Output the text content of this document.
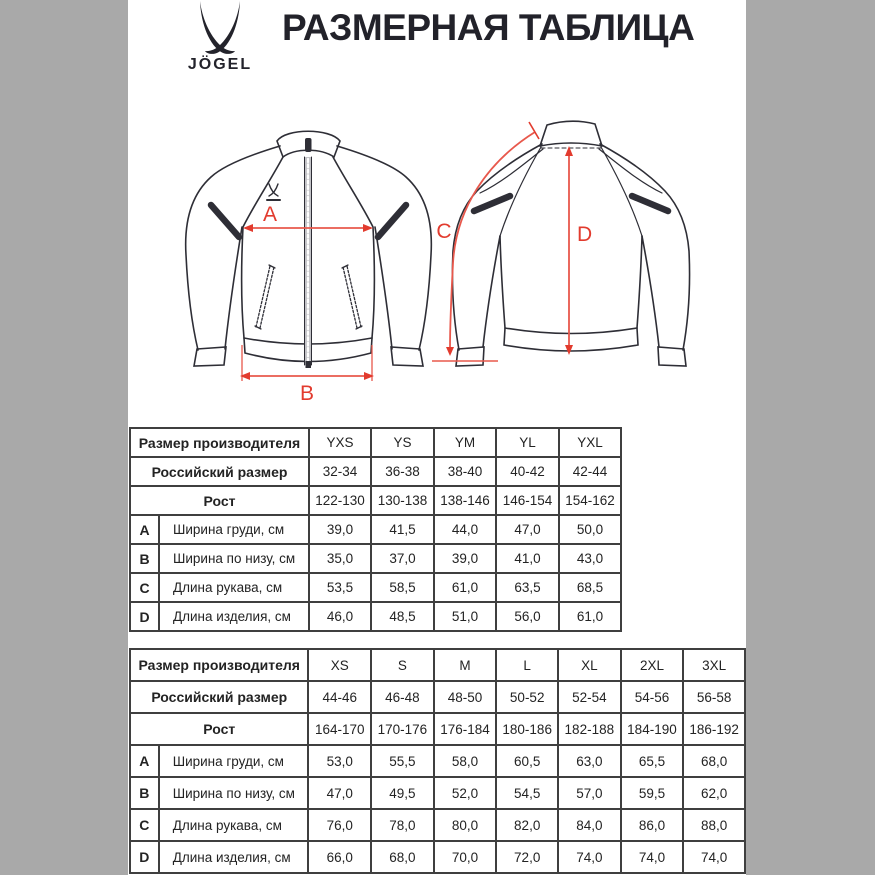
JÖGEL
РАЗМЕРНАЯ ТАБЛИЦА
A
B
C	D
Размер производителя		YXS	YS	YM	YL	YXL
Российский размер		32-34	36-38	38-40	40-42	42-44
Рост		122-130	130-138	138-146	146-154	154-162
A	Ширина груди, см	39,0	41,5	44,0	47,0	50,0
B	Ширина по низу, см	35,0	37,0	39,0	41,0	43,0
C	Длина рукава, см	53,5	58,5	61,0	63,5	68,5
D	Длина изделия, см	46,0	48,5	51,0	56,0	61,0
Размер производителя		XS	S	M	L	XL	2XL	3XL
Российский размер		44-46	46-48	48-50	50-52	52-54	54-56	56-58
Рост		164-170	170-176	176-184	180-186	182-188	184-190	186-192
A	Ширина груди, см	53,0	55,5	58,0	60,5	63,0	65,5	68,0
B	Ширина по низу, см	47,0	49,5	52,0	54,5	57,0	59,5	62,0
C	Длина рукава, см	76,0	78,0	80,0	82,0	84,0	86,0	88,0
D	Длина изделия, см	66,0	68,0	70,0	72,0	74,0	74,0	74,0
